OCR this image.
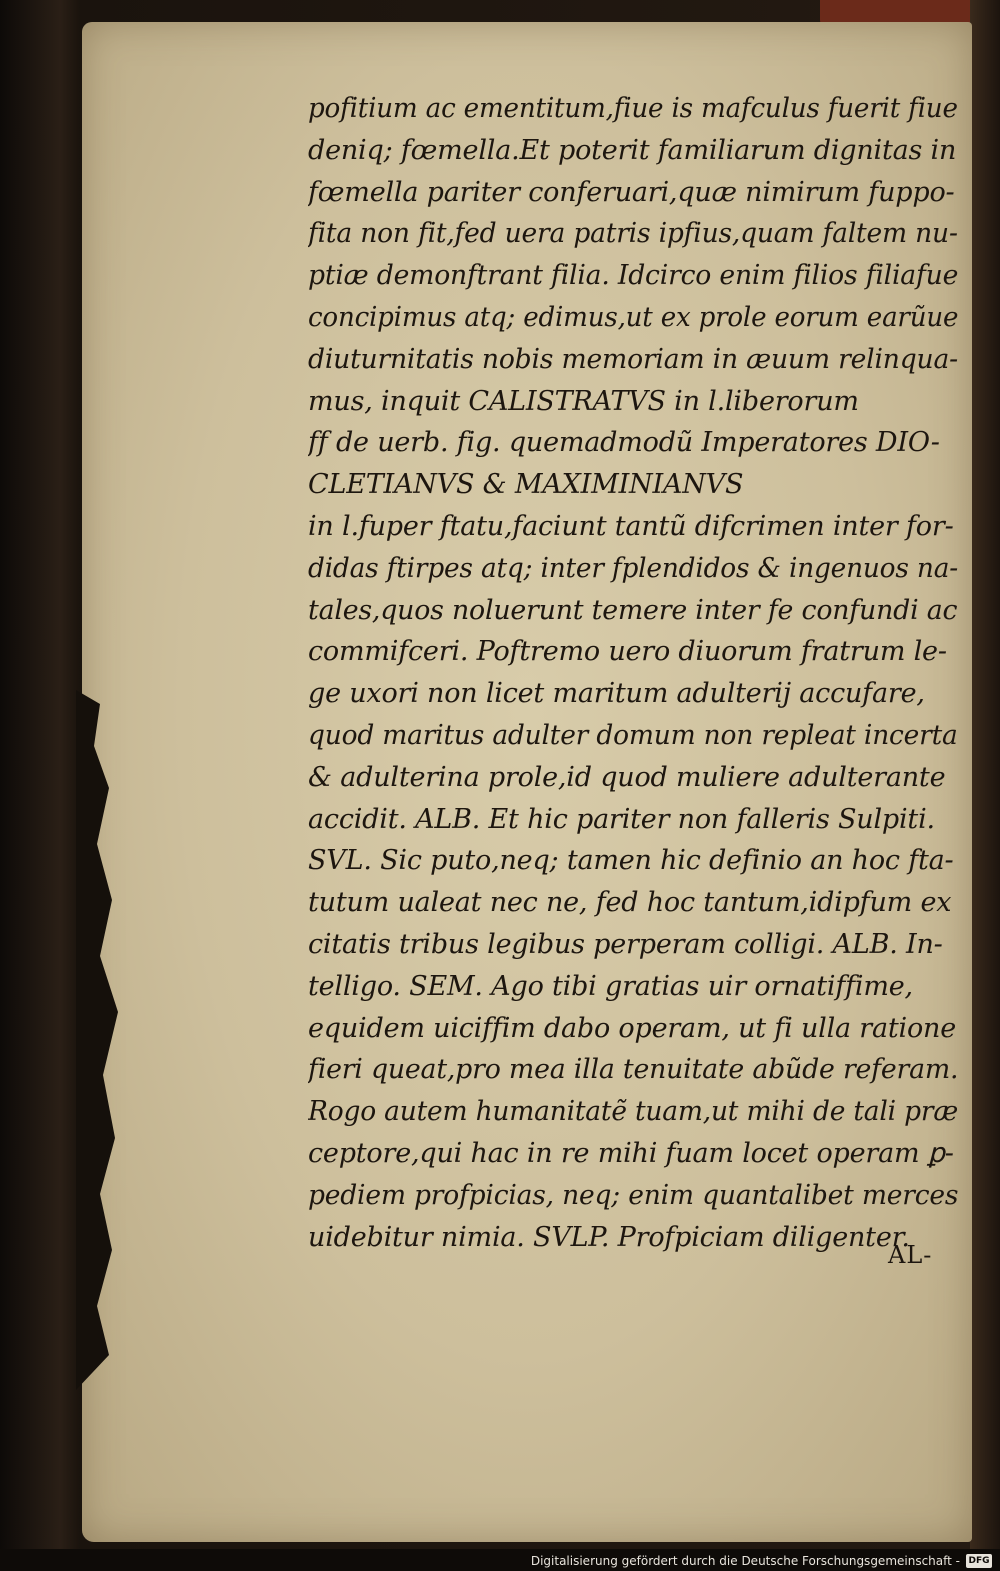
pofitium ac ementitum,fiue is mafculus fuerit fiue
deniq; fœmella.Et poterit familiarum dignitas in
fœmella pariter conferuari,quæ nimirum fuppo-
fita non fit,fed uera patris ipfius,quam faltem nu-
ptiæ demonftrant filia. Idcirco enim filios filiafue
concipimus atq; edimus,ut ex prole eorum earũue
diuturnitatis nobis memoriam in æuum relinqua-
mus, inquit CALISTRATVS in l.liberorum
ff de uerb. fig. quemadmodũ Imperatores DIO-
CLETIANVS & MAXIMINIANVS
in l.fuper ftatu,faciunt tantũ difcrimen inter for-
didas ftirpes atq; inter fplendidos & ingenuos na-
tales,quos noluerunt temere inter fe confundi ac
commifceri. Poftremo uero diuorum fratrum le-
ge uxori non licet maritum adulterij accufare,
quod maritus adulter domum non repleat incerta
& adulterina prole,id quod muliere adulterante
accidit. ALB. Et hic pariter non falleris Sulpiti.
SVL. Sic puto,neq; tamen hic definio an hoc fta-
tutum ualeat nec ne, fed hoc tantum,idipfum ex
citatis tribus legibus perperam colligi. ALB. In-
telligo. SEM. Ago tibi gratias uir ornatiffime,
equidem uiciffim dabo operam, ut fi ulla ratione
fieri queat,pro mea illa tenuitate abũde referam.
Rogo autem humanitatẽ tuam,ut mihi de tali præ
ceptore,qui hac in re mihi fuam locet operam ꝑ-
pediem profpicias, neq; enim quantalibet merces
uidebitur nimia. SVLP. Profpiciam diligenter.
AL-
Digitalisierung gefördert durch die Deutsche Forschungsgemeinschaft - DFG
